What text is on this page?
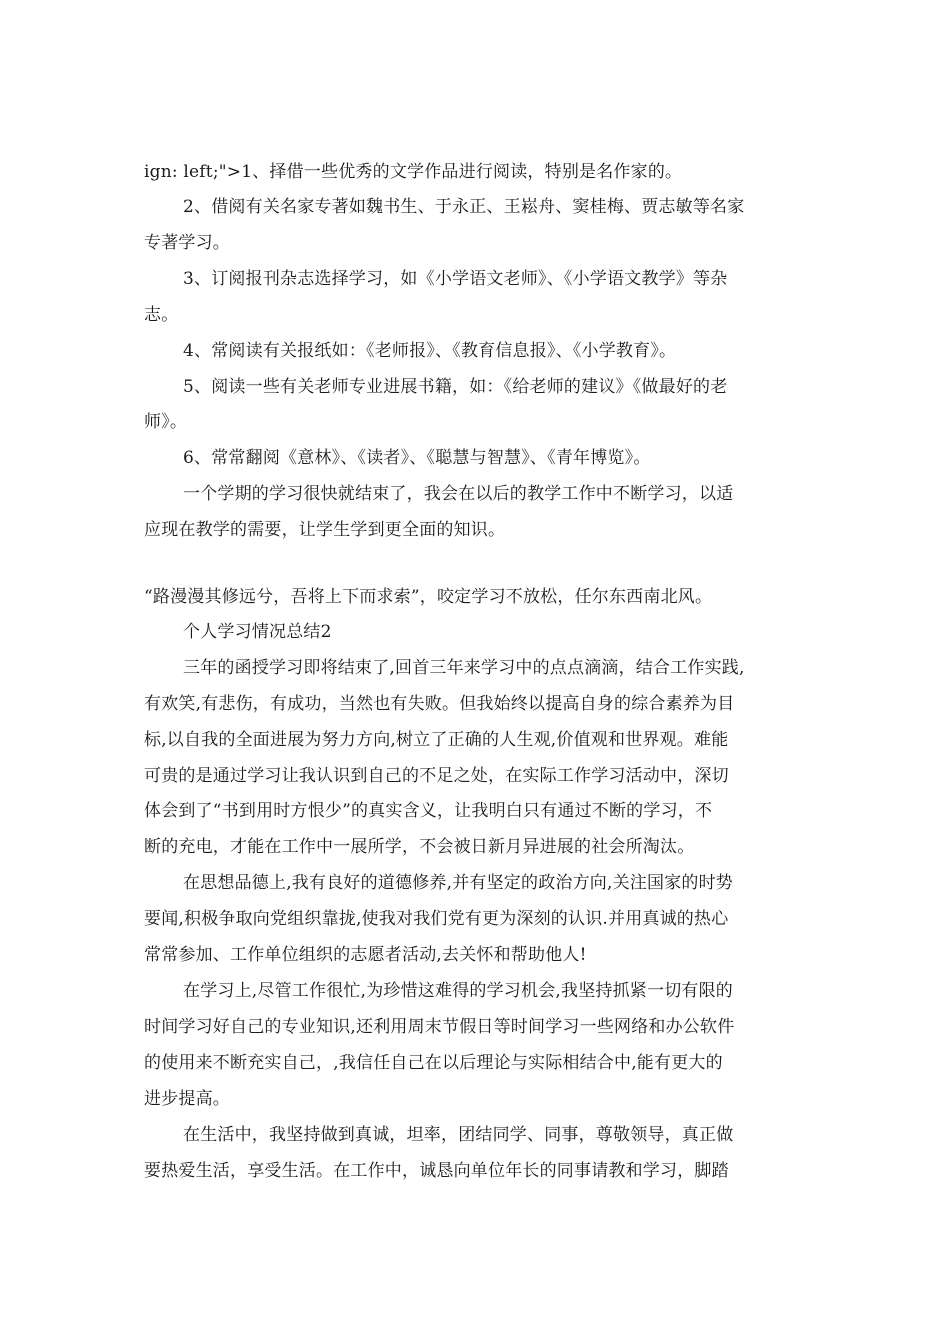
ign: left;">1、择借一些优秀的文学作品进行阅读，特别是名作家的。
2、借阅有关名家专著如魏书生、于永正、王崧舟、窦桂梅、贾志敏等名家
专著学习。
3、订阅报刊杂志选择学习，如《小学语文老师》、《小学语文教学》等杂
志。
4、常阅读有关报纸如：《老师报》、《教育信息报》、《小学教育》。
5、阅读一些有关老师专业进展书籍，如：《给老师的建议》《做最好的老
师》。
6、常常翻阅《意林》、《读者》、《聪慧与智慧》、《青年博览》。
一个学期的学习很快就结束了，我会在以后的教学工作中不断学习，以适
应现在教学的需要，让学生学到更全面的知识。
“路漫漫其修远兮，吾将上下而求索”，咬定学习不放松，任尔东西南北风。
个人学习情况总结2
三年的函授学习即将结束了,回首三年来学习中的点点滴滴，结合工作实践,
有欢笑,有悲伤，有成功，当然也有失败。但我始终以提高自身的综合素养为目
标,以自我的全面进展为努力方向,树立了正确的人生观,价值观和世界观。难能
可贵的是通过学习让我认识到自己的不足之处，在实际工作学习活动中，深切
体会到了“书到用时方恨少”的真实含义，让我明白只有通过不断的学习，不
断的充电，才能在工作中一展所学，不会被日新月异进展的社会所淘汰。
在思想品德上,我有良好的道德修养,并有坚定的政治方向,关注国家的时势
要闻,积极争取向党组织靠拢,使我对我们党有更为深刻的认识.并用真诚的热心
常常参加、工作单位组织的志愿者活动,去关怀和帮助他人!
在学习上,尽管工作很忙,为珍惜这难得的学习机会,我坚持抓紧一切有限的
时间学习好自己的专业知识,还利用周末节假日等时间学习一些网络和办公软件
的使用来不断充实自己，,我信任自己在以后理论与实际相结合中,能有更大的
进步提高。
在生活中，我坚持做到真诚，坦率，团结同学、同事，尊敬领导，真正做
要热爱生活，享受生活。在工作中，诚恳向单位年长的同事请教和学习，脚踏
